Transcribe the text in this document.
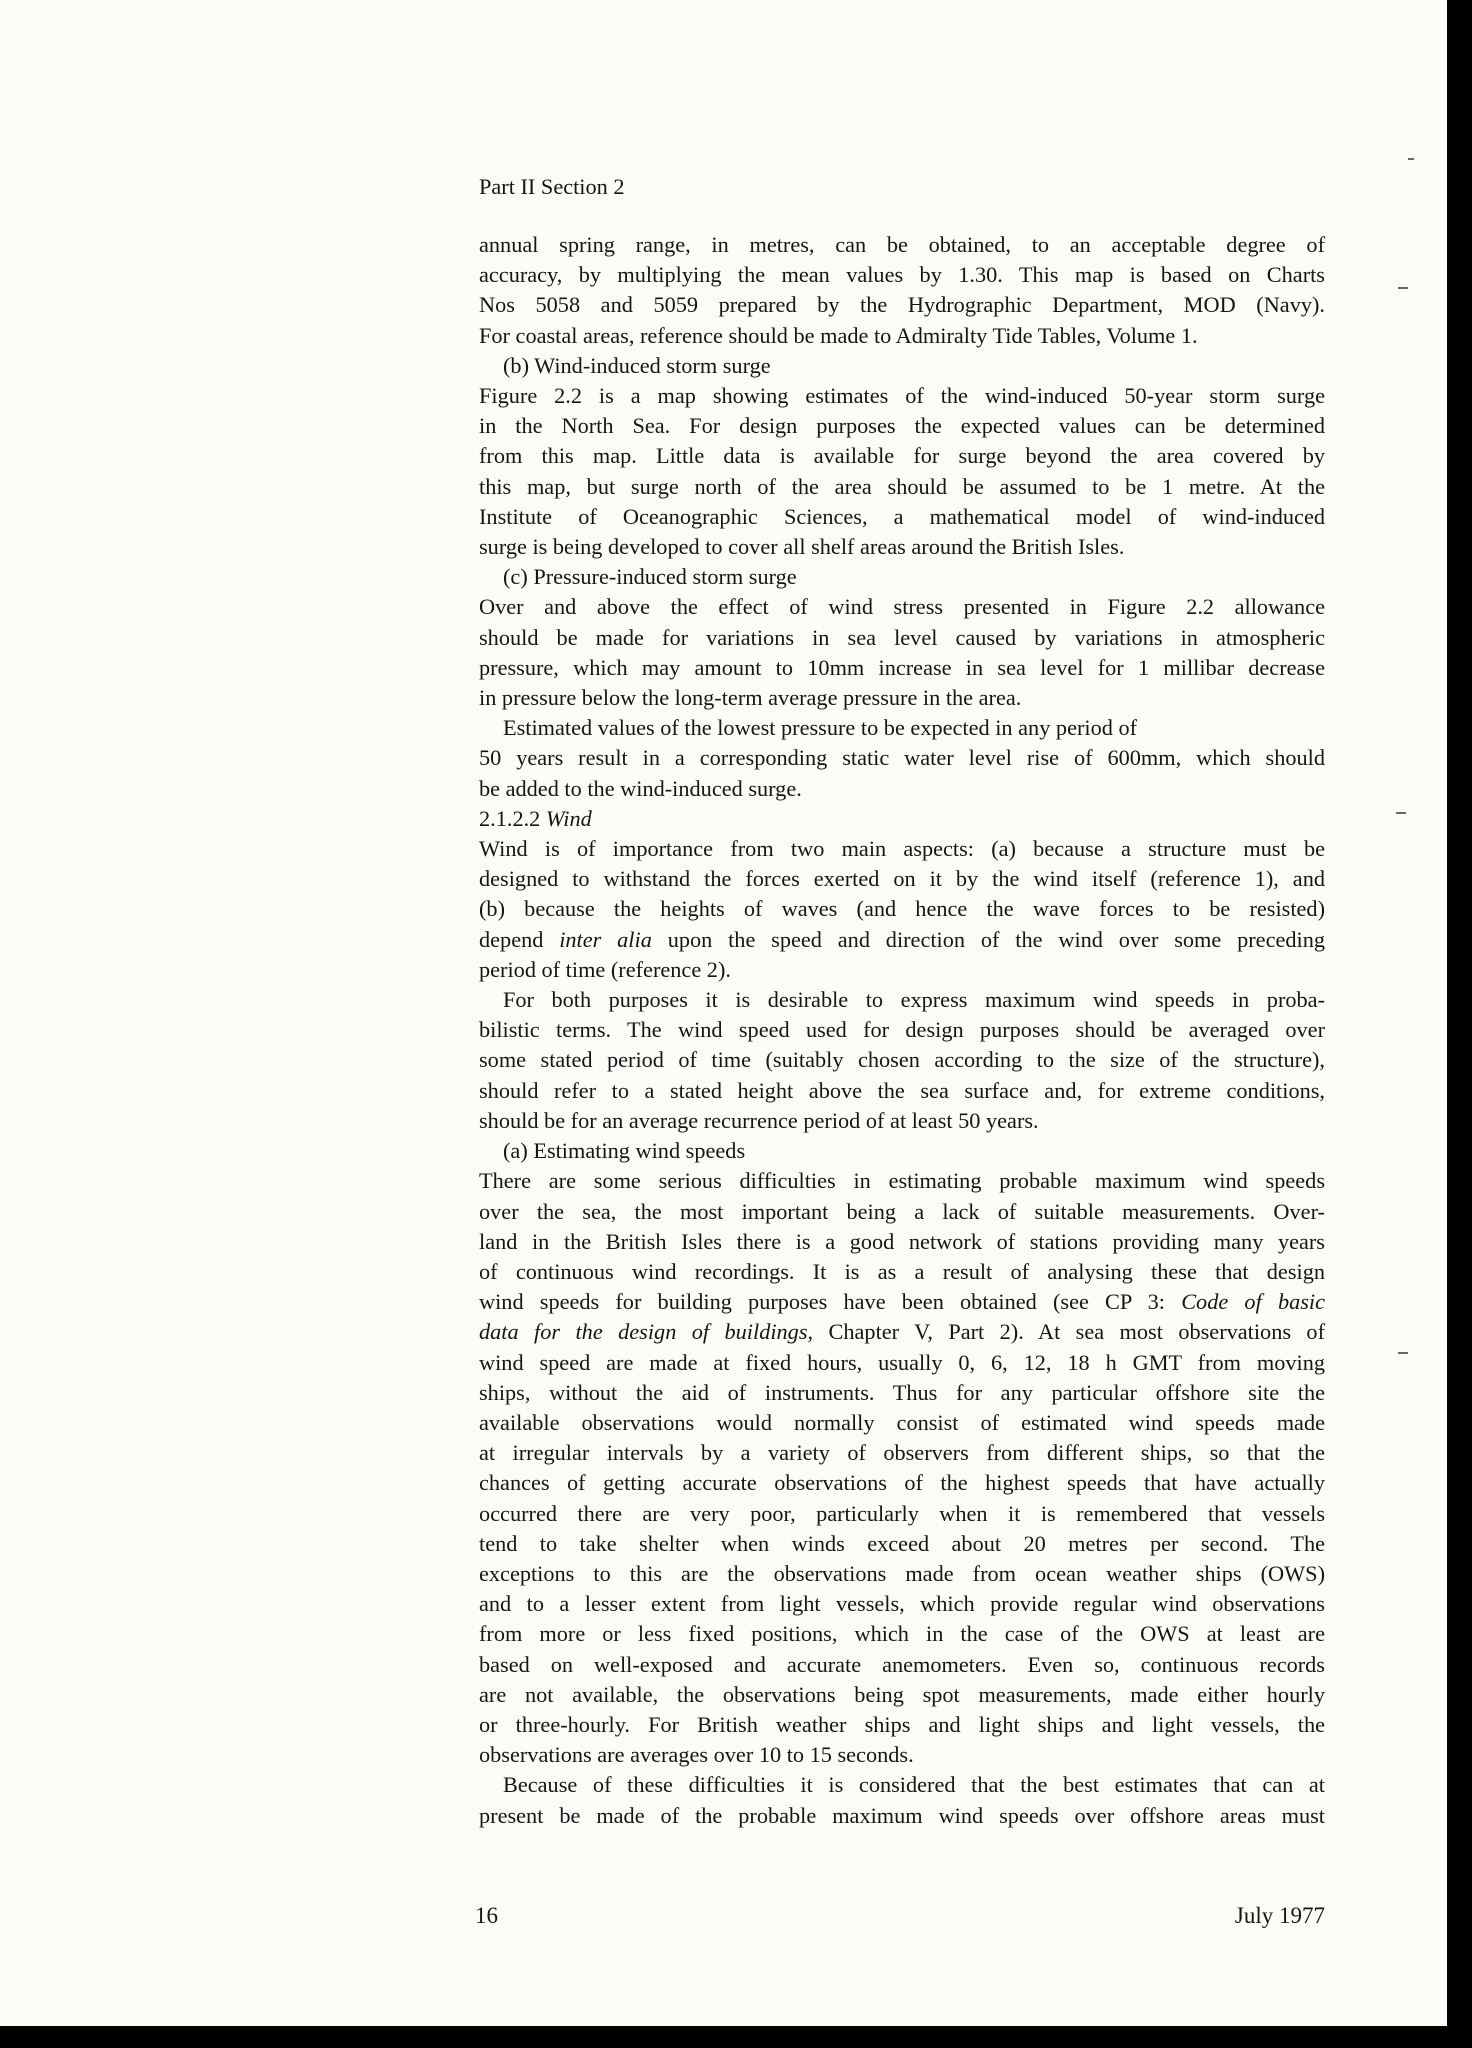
Part II Section 2
annual spring range, in metres, can be obtained, to an acceptable degree of
accuracy, by multiplying the mean values by 1.30. This map is based on Charts
Nos 5058 and 5059 prepared by the Hydrographic Department, MOD (Navy).
For coastal areas, reference should be made to Admiralty Tide Tables, Volume 1.
(b) Wind-induced storm surge
Figure 2.2 is a map showing estimates of the wind-induced 50-year storm surge
in the North Sea. For design purposes the expected values can be determined
from this map. Little data is available for surge beyond the area covered by
this map, but surge north of the area should be assumed to be 1 metre. At the
Institute of Oceanographic Sciences, a mathematical model of wind-induced
surge is being developed to cover all shelf areas around the British Isles.
(c) Pressure-induced storm surge
Over and above the effect of wind stress presented in Figure 2.2 allowance
should be made for variations in sea level caused by variations in atmospheric
pressure, which may amount to 10mm increase in sea level for 1 millibar decrease
in pressure below the long-term average pressure in the area.
Estimated values of the lowest pressure to be expected in any period of
50 years result in a corresponding static water level rise of 600mm, which should
be added to the wind-induced surge.
2.1.2.2 Wind
Wind is of importance from two main aspects: (a) because a structure must be
designed to withstand the forces exerted on it by the wind itself (reference 1), and
(b) because the heights of waves (and hence the wave forces to be resisted)
depend inter alia upon the speed and direction of the wind over some preceding
period of time (reference 2).
For both purposes it is desirable to express maximum wind speeds in proba-
bilistic terms. The wind speed used for design purposes should be averaged over
some stated period of time (suitably chosen according to the size of the structure),
should refer to a stated height above the sea surface and, for extreme conditions,
should be for an average recurrence period of at least 50 years.
(a) Estimating wind speeds
There are some serious difficulties in estimating probable maximum wind speeds
over the sea, the most important being a lack of suitable measurements. Over-
land in the British Isles there is a good network of stations providing many years
of continuous wind recordings. It is as a result of analysing these that design
wind speeds for building purposes have been obtained (see CP 3: Code of basic
data for the design of buildings, Chapter V, Part 2). At sea most observations of
wind speed are made at fixed hours, usually 0, 6, 12, 18 h GMT from moving
ships, without the aid of instruments. Thus for any particular offshore site the
available observations would normally consist of estimated wind speeds made
at irregular intervals by a variety of observers from different ships, so that the
chances of getting accurate observations of the highest speeds that have actually
occurred there are very poor, particularly when it is remembered that vessels
tend to take shelter when winds exceed about 20 metres per second. The
exceptions to this are the observations made from ocean weather ships (OWS)
and to a lesser extent from light vessels, which provide regular wind observations
from more or less fixed positions, which in the case of the OWS at least are
based on well-exposed and accurate anemometers. Even so, continuous records
are not available, the observations being spot measurements, made either hourly
or three-hourly. For British weather ships and light ships and light vessels, the
observations are averages over 10 to 15 seconds.
Because of these difficulties it is considered that the best estimates that can at
present be made of the probable maximum wind speeds over offshore areas must
16	July 1977
